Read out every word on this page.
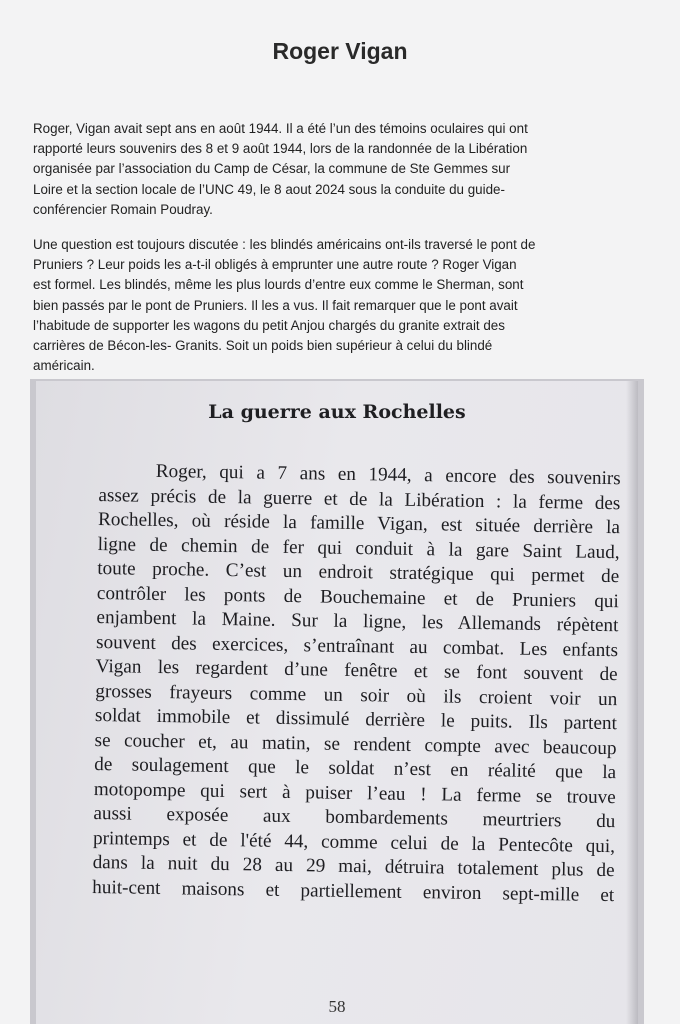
Roger Vigan
Roger, Vigan avait sept ans en août 1944. Il a été l’un des témoins oculaires qui ont
rapporté leurs souvenirs des 8 et 9 août 1944, lors de la randonnée de la Libération
organisée par l’association du Camp de César, la commune de Ste Gemmes sur
Loire et la section locale de l’UNC 49, le 8 aout 2024 sous la conduite du guide-
conférencier Romain Poudray.
Une question est toujours discutée : les blindés américains ont-ils traversé le pont de
Pruniers ? Leur poids les a-t-il obligés à emprunter une autre route ? Roger Vigan
est formel. Les blindés, même les plus lourds d’entre eux comme le Sherman, sont
bien passés par le pont de Pruniers. Il les a vus. Il fait remarquer que le pont avait
l’habitude de supporter les wagons du petit Anjou chargés du granite extrait des
carrières de Bécon-les- Granits. Soit un poids bien supérieur à celui du blindé
américain.
La guerre aux Rochelles
Roger, qui a 7 ans en 1944, a encore des souvenirs
assez précis de la guerre et de la Libération : la ferme des
Rochelles, où réside la famille Vigan, est située derrière la
ligne de chemin de fer qui conduit à la gare Saint Laud,
toute proche. C’est un endroit stratégique qui permet de
contrôler les ponts de Bouchemaine et de Pruniers qui
enjambent la Maine. Sur la ligne, les Allemands répètent
souvent des exercices, s’entraînant au combat. Les enfants
Vigan les regardent d’une fenêtre et se font souvent de
grosses frayeurs comme un soir où ils croient voir un
soldat immobile et dissimulé derrière le puits. Ils partent
se coucher et, au matin, se rendent compte avec beaucoup
de soulagement que le soldat n’est en réalité que la
motopompe qui sert à puiser l’eau ! La ferme se trouve
aussi exposée aux bombardements meurtriers du
printemps et de l'été 44, comme celui de la Pentecôte qui,
dans la nuit du 28 au 29 mai, détruira totalement plus de
huit-cent maisons et partiellement environ sept-mille et
58
